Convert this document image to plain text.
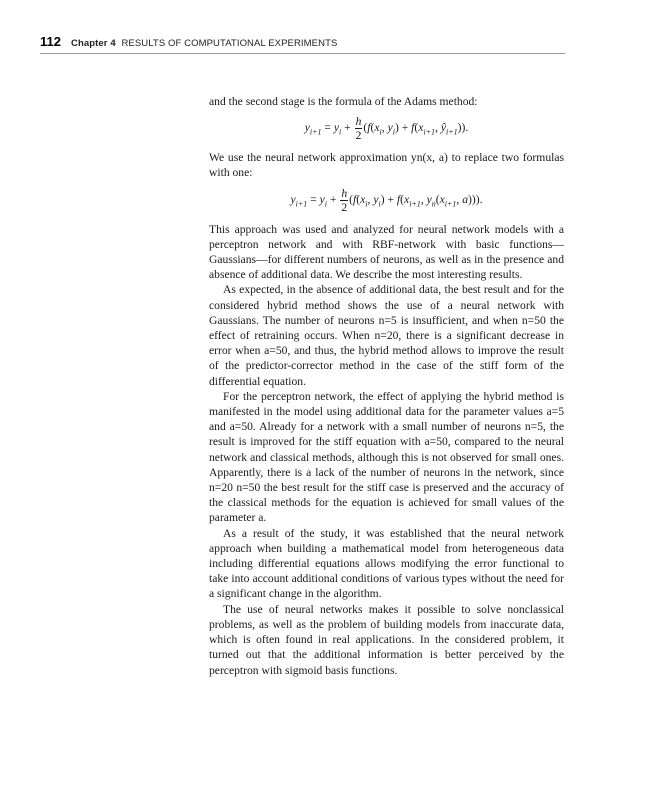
112 Chapter 4 RESULTS OF COMPUTATIONAL EXPERIMENTS

and the second stage is the formula of the Adams method:

$y_{i+1} = y_i + \frac{h}{2} (f(x_i$, $y_i) + f(x_{i+1}$, $ŷ_{i+1}$)).

We use the neural network approximation yn(x, a) to replace two formulas with one:

$y_{i+1} = y_i + \frac{h}{2} (f(x_i$, $y_i) + f(x_{i+1}$, $y_n(x_{i+1}$, a))).

This approach was used and analyzed for neural network models with a perceptron network and with RBF-network with basic functions—Gaussians—for different numbers of neurons, as well as in the presence and absence of additional data. We describe the most interesting results.

As expected, in the absence of additional data, the best result and for the considered hybrid method shows the use of a neural network with Gaussians. The number of neurons n=5 is insufficient, and when n=50 the effect of retraining occurs. When n=20, there is a significant decrease in error when a=50, and thus, the hybrid method allows to improve the result of the predictor-corrector method in the case of the stiff form of the differential equation.

For the perceptron network, the effect of applying the hybrid method is manifested in the model using additional data for the parameter values a=5 and a=50. Already for a network with a small number of neurons n=5, the result is improved for the stiff equation with a=50, compared to the neural network and classical methods, although this is not observed for small ones. Apparently, there is a lack of the number of neurons in the network, since n=20 n=50 the best result for the stiff case is preserved and the accuracy of the classical methods for the equation is achieved for small values of the parameter a.

As a result of the study, it was established that the neural network approach when building a mathematical model from heterogeneous data including differential equations allows modifying the error functional to take into account additional conditions of various types without the need for a significant change in the algorithm.

The use of neural networks makes it possible to solve nonclassical problems, as well as the problem of building models from inaccurate data, which is often found in real applications. In the considered problem, it turned out that the additional information is better perceived by the perceptron with sigmoid basis functions.
